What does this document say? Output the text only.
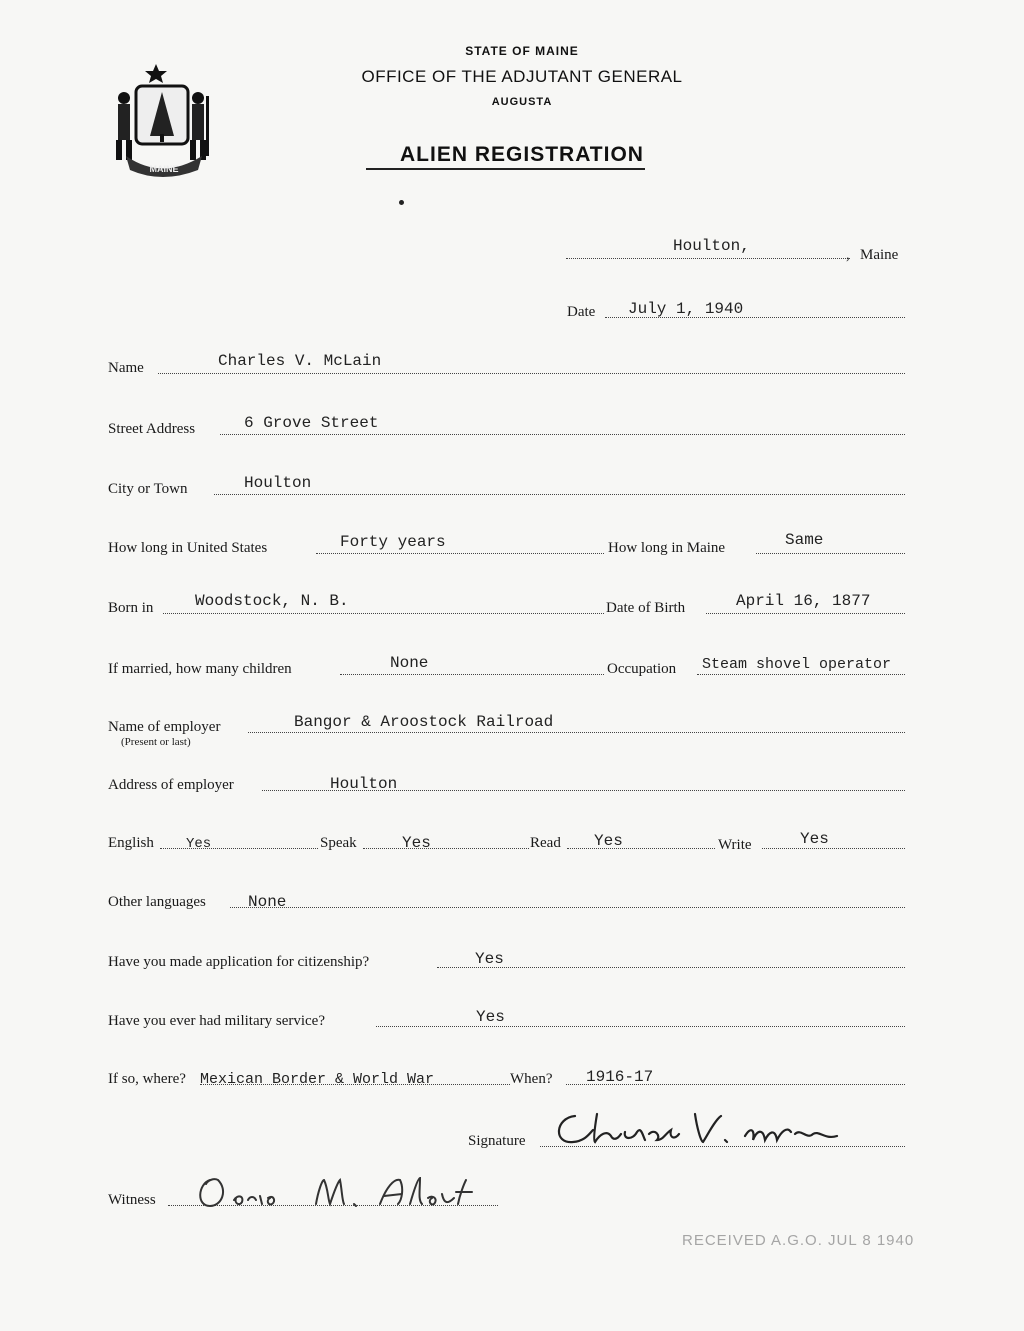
MAINE
STATE OF MAINE
OFFICE OF THE ADJUTANT GENERAL
AUGUSTA
ALIEN REGISTRATION
Houlton,	Maine
,
Date July 1, 1940
Name	Charles V. McLain
Street Address	6 Grove Street
City or Town	Houlton
How long in United States	Forty years	How long in Maine	Same
Born in	Woodstock, N. B.	Date of Birth	April 16, 1877
If married, how many children	None	Occupation Steam shovel operator
Name of employer
(Present or last)
Bangor & Aroostock Railroad
Address of employer	Houlton
English Yes	Speak	Yes	Read Yes	Write	Yes
Other languages	None
Have you made application for citizenship?	Yes
Have you ever had military service?	Yes
If so, where? Mexican Border & World War	When? 1916-17
Signature
Witness
RECEIVED A.G.O. JUL 8 1940
